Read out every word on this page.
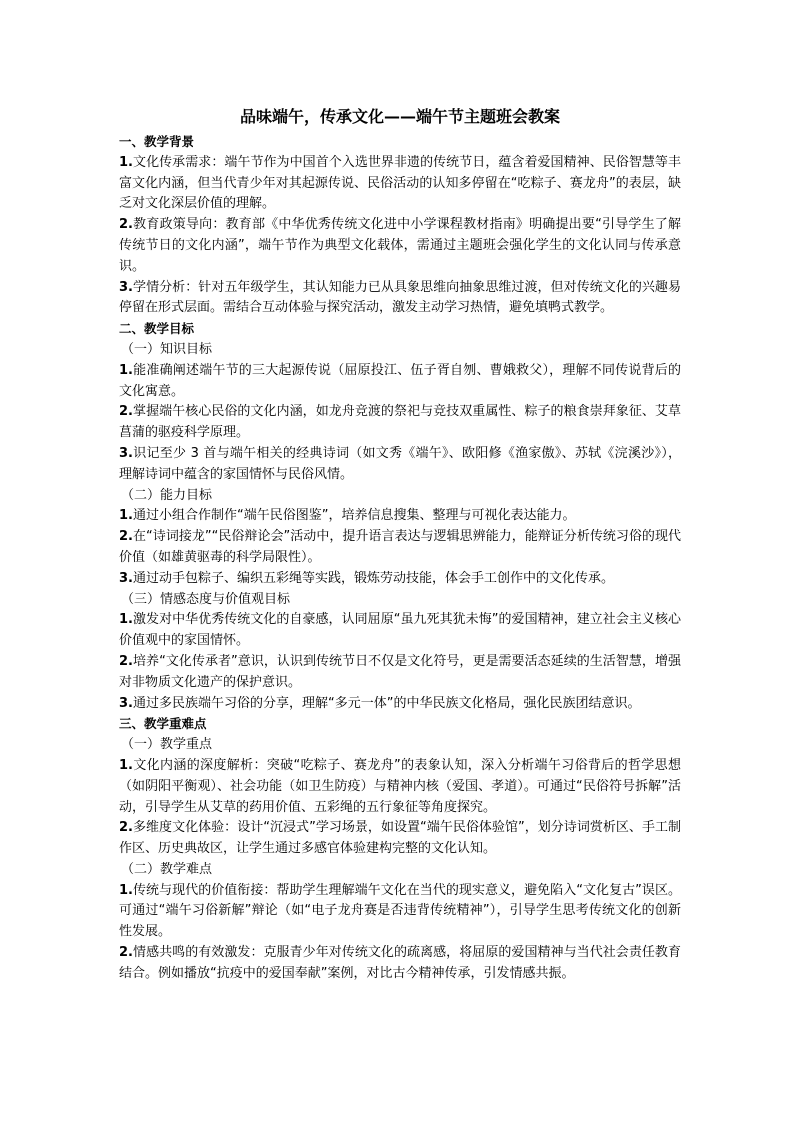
品味端午，传承文化——端午节主题班会教案
一、教学背景

1.文化传承需求：端午节作为中国首个入选世界非遗的传统节日，蕴含着爱国精神、民俗智慧等丰富文化内涵，但当代青少年对其起源传说、民俗活动的认知多停留在“吃粽子、赛龙舟”的表层，缺乏对文化深层价值的理解。

2.教育政策导向：教育部《中华优秀传统文化进中小学课程教材指南》明确提出要“引导学生了解传统节日的文化内涵”，端午节作为典型文化载体，需通过主题班会强化学生的文化认同与传承意识。

3.学情分析：针对五年级学生，其认知能力已从具象思维向抽象思维过渡，但对传统文化的兴趣易停留在形式层面。需结合互动体验与探究活动，激发主动学习热情，避免填鸭式教学。

二、教学目标
（一）知识目标

1.能准确阐述端午节的三大起源传说（屈原投江、伍子胥自刎、曹娥救父），理解不同传说背后的文化寓意。

2.掌握端午核心民俗的文化内涵，如龙舟竞渡的祭祀与竞技双重属性、粽子的粮食崇拜象征、艾草菖蒲的驱疫科学原理。

3.识记至少 3 首与端午相关的经典诗词（如文秀《端午》、欧阳修《渔家傲》、苏轼《浣溪沙》），理解诗词中蕴含的家国情怀与民俗风情。

（二）能力目标

1.通过小组合作制作“端午民俗图鉴”，培养信息搜集、整理与可视化表达能力。

2.在“诗词接龙”“民俗辩论会”活动中，提升语言表达与逻辑思辨能力，能辩证分析传统习俗的现代价值（如雄黄驱毒的科学局限性）。

3.通过动手包粽子、编织五彩绳等实践，锻炼劳动技能，体会手工创作中的文化传承。

（三）情感态度与价值观目标

1.激发对中华优秀传统文化的自豪感，认同屈原“虽九死其犹未悔”的爱国精神，建立社会主义核心价值观中的家国情怀。

2.培养“文化传承者”意识，认识到传统节日不仅是文化符号，更是需要活态延续的生活智慧，增强对非物质文化遗产的保护意识。

3.通过多民族端午习俗的分享，理解“多元一体”的中华民族文化格局，强化民族团结意识。

三、教学重难点
（一）教学重点

1.文化内涵的深度解析：突破“吃粽子、赛龙舟”的表象认知，深入分析端午习俗背后的哲学思想（如阴阳平衡观）、社会功能（如卫生防疫）与精神内核（爱国、孝道）。可通过“民俗符号拆解”活动，引导学生从艾草的药用价值、五彩绳的五行象征等角度探究。

2.多维度文化体验：设计“沉浸式”学习场景，如设置“端午民俗体验馆”，划分诗词赏析区、手工制作区、历史典故区，让学生通过多感官体验建构完整的文化认知。

（二）教学难点

1.传统与现代的价值衔接：帮助学生理解端午文化在当代的现实意义，避免陷入“文化复古”误区。可通过“端午习俗新解”辩论（如“电子龙舟赛是否违背传统精神”），引导学生思考传统文化的创新性发展。

2.情感共鸣的有效激发：克服青少年对传统文化的疏离感，将屈原的爱国精神与当代社会责任教育结合。例如播放“抗疫中的爱国奉献”案例，对比古今精神传承，引发情感共振。
